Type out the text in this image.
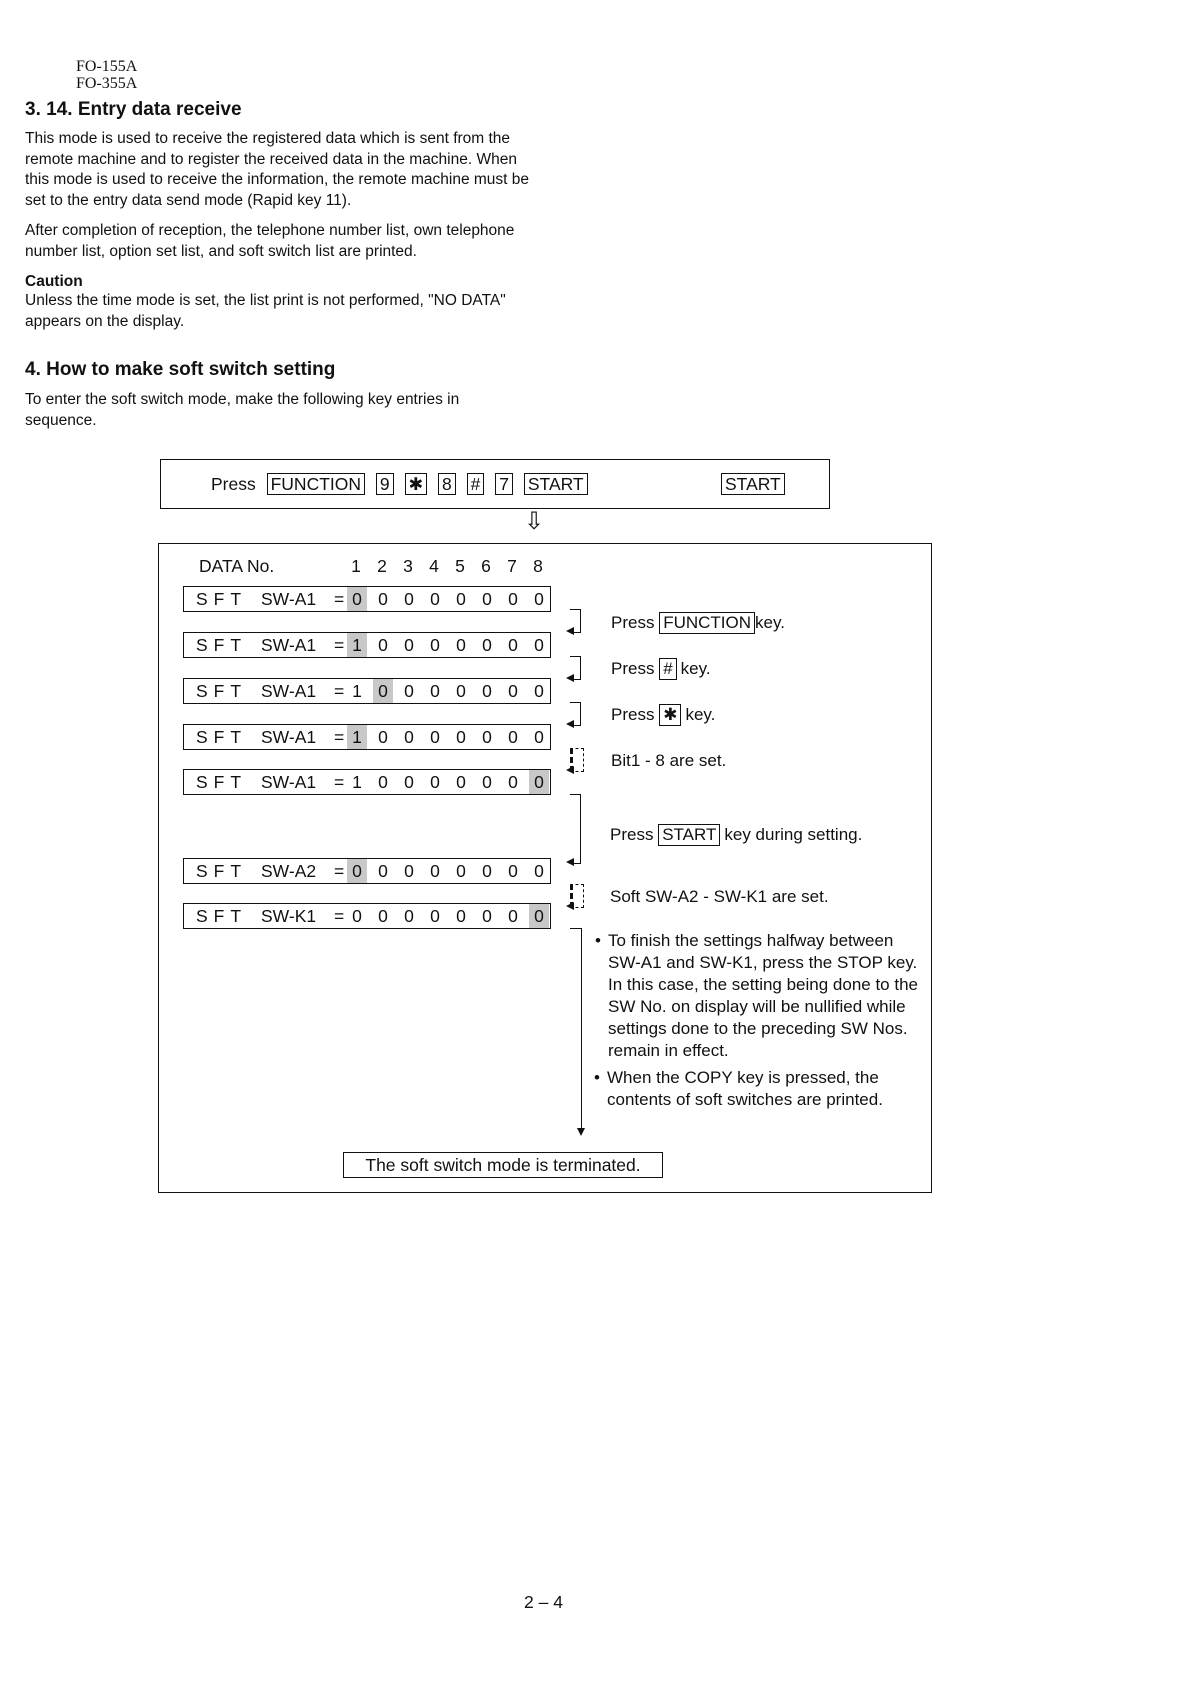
FO-155A
FO-355A
3. 14. Entry data receive
This mode is used to receive the registered data which is sent from the remote machine and to register the received data in the machine. When this mode is used to receive the information, the remote machine must be set to the entry data send mode (Rapid key 11).
After completion of reception, the telephone number list, own telephone number list, option set list, and soft switch list are printed.
Caution
Unless the time mode is set, the list print is not performed, "NO DATA" appears on the display.
4. How to make soft switch setting
To enter the soft switch mode, make the following key entries in sequence.
Press FUNCTION 9 ✱ 8 # 7 START	START
⇩
DATA No.	1 2 3 4 5 6 7 8
SFT SW-A1 = 0 0 0 0 0 0 0 0
SFT SW-A1 = 1 0 0 0 0 0 0 0
SFT SW-A1 = 1 0 0 0 0 0 0 0
SFT SW-A1 = 1 0 0 0 0 0 0 0
SFT SW-A1 = 1 0 0 0 0 0 0 0
SFT SW-A2 = 0 0 0 0 0 0 0 0
SFT SW-K1 = 0 0 0 0 0 0 0 0
Press FUNCTION key.
Press # key.
Press ✱ key.
Bit1 - 8 are set.
Press START key during setting.
Soft SW-A2 - SW-K1 are set.
• To finish the settings halfway between SW-A1 and SW-K1, press the STOP key. In this case, the setting being done to the SW No. on display will be nullified while settings done to the preceding SW Nos. remain in effect.
• When the COPY key is pressed, the contents of soft switches are printed.
The soft switch mode is terminated.
2 – 4
